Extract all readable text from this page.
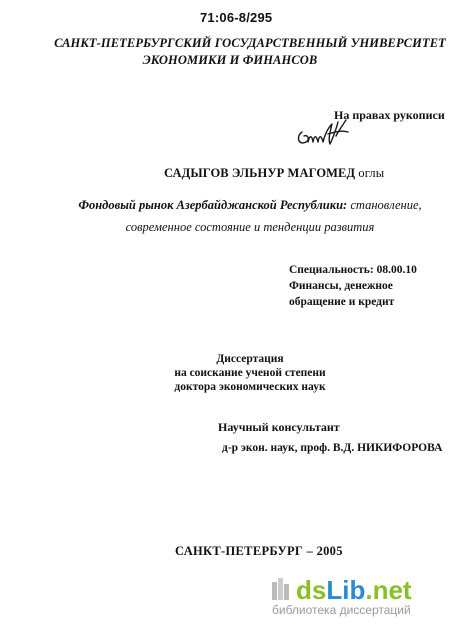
71:06-8/295
САНКТ-ПЕТЕРБУРГСКИЙ ГОСУДАРСТВЕННЫЙ УНИВЕРСИТЕТ
ЭКОНОМИКИ И ФИНАНСОВ
На правах рукописи
САДЫГОВ ЭЛЬНУР МАГОМЕД оглы
Фондовый рынок Азербайджанской Республики: становление,
современное состояние и тенденции развития
Специальность: 08.00.10
Финансы, денежное
обращение и кредит
Диссертация
на соискание ученой степени
доктора экономических наук
Научный консультант
д-р экон. наук, проф. В.Д. НИКИФОРОВА
САНКТ-ПЕТЕРБУРГ – 2005
dsLib.net
библиотека диссертаций
